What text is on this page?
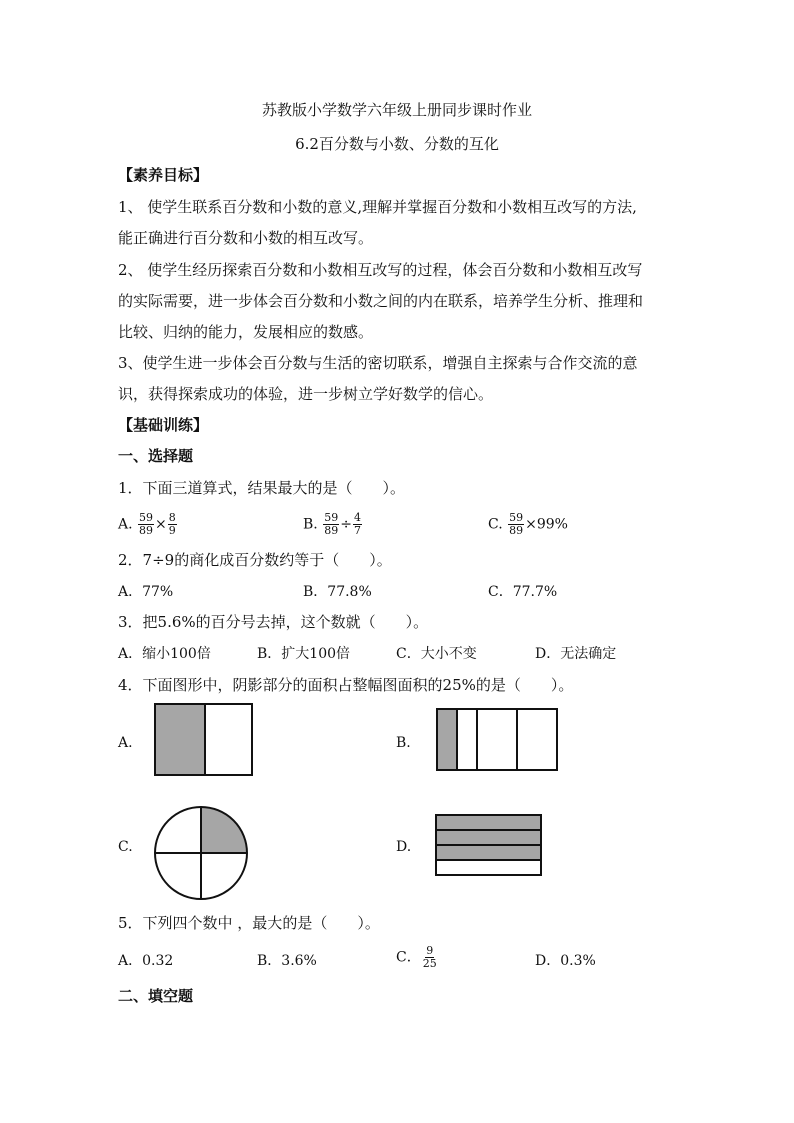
苏教版小学数学六年级上册同步课时作业
6.2百分数与小数、分数的互化
【素养目标】
1、 使学生联系百分数和小数的意义,理解并掌握百分数和小数相互改写的方法,
能正确进行百分数和小数的相互改写。
2、 使学生经历探索百分数和小数相互改写的过程，体会百分数和小数相互改写
的实际需要，进一步体会百分数和小数之间的内在联系，培养学生分析、推理和
比较、归纳的能力，发展相应的数感。
3、使学生进一步体会百分数与生活的密切联系，增强自主探索与合作交流的意
识，获得探索成功的体验，进一步树立学好数学的信心。
【基础训练】
一、选择题
1．下面三道算式，结果最大的是（　　）。
A. $\frac{59}{89} \times \frac{8}{9}$	B. $\frac{59}{89} \div \frac{4}{7}$	C. $\frac{59}{89} \times 99\%$
2．7÷9的商化成百分数约等于（　　）。
A．77%	B．77.8%	C．77.7%
3．把5.6%的百分号去掉，这个数就（　　）。
A．缩小100倍	B．扩大100倍	C．大小不变	D．无法确定
4．下面图形中，阴影部分的面积占整幅图面积的25%的是（　　）。
A.	B.
C.	D.
5．下列四个数中 ，最大的是（　　）。
A．0.32	B．3.6%	C． $\frac{9}{25}$	D．0.3%
二、填空题
